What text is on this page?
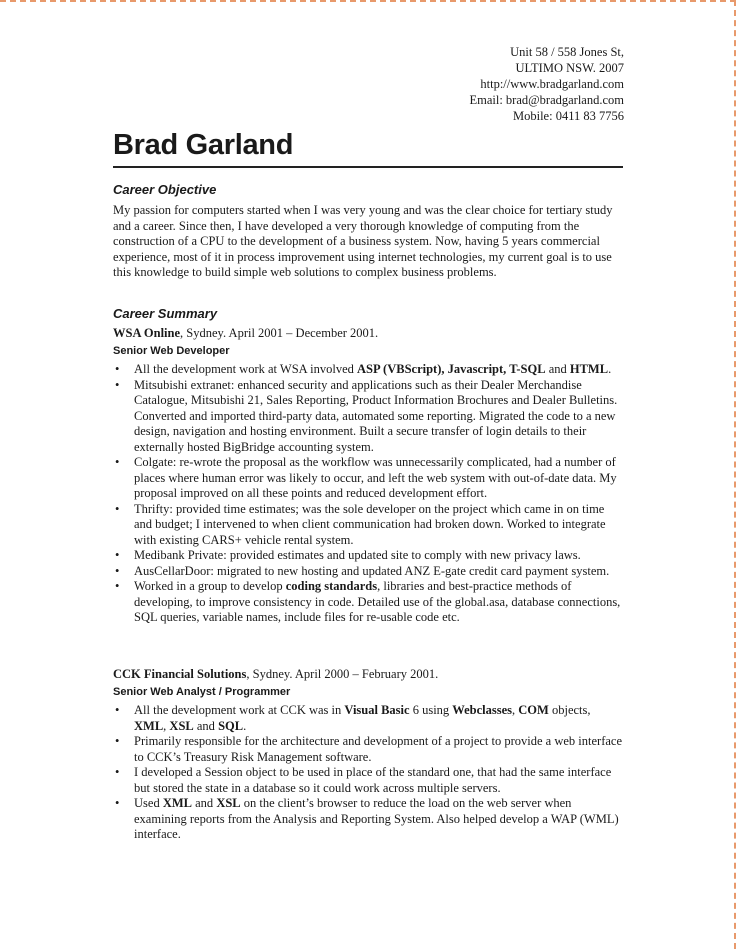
Unit 58 / 558 Jones St,
ULTIMO NSW. 2007
http://www.bradgarland.com
Email: brad@bradgarland.com
Mobile: 0411 83 7756
Brad Garland
Career Objective

My passion for computers started when I was very young and was the clear choice for tertiary study and a career. Since then, I have developed a very thorough knowledge of computing from the construction of a CPU to the development of a business system. Now, having 5 years commercial experience, most of it in process improvement using internet technologies, my current goal is to use this knowledge to build simple web solutions to complex business problems.

Career Summary

WSA Online, Sydney. April 2001 – December 2001.

Senior Web Developer

• All the development work at WSA involved ASP (VBScript), Javascript, T-SQL and HTML.
• Mitsubishi extranet: enhanced security and applications such as their Dealer Merchandise Catalogue, Mitsubishi 21, Sales Reporting, Product Information Brochures and Dealer Bulletins. Converted and imported third-party data, automated some reporting. Migrated the code to a new design, navigation and hosting environment. Built a secure transfer of login details to their externally hosted BigBridge accounting system.
• Colgate: re-wrote the proposal as the workflow was unnecessarily complicated, had a number of places where human error was likely to occur, and left the web system with out-of-date data. My proposal improved on all these points and reduced development effort.
• Thrifty: provided time estimates; was the sole developer on the project which came in on time and budget; I intervened to when client communication had broken down. Worked to integrate with existing CARS+ vehicle rental system.
• Medibank Private: provided estimates and updated site to comply with new privacy laws.
• AusCellarDoor: migrated to new hosting and updated ANZ E-gate credit card payment system.
• Worked in a group to develop coding standards, libraries and best-practice methods of developing, to improve consistency in code. Detailed use of the global.asa, database connections, SQL queries, variable names, include files for re-usable code etc.

CCK Financial Solutions, Sydney. April 2000 – February 2001.

Senior Web Analyst / Programmer

• All the development work at CCK was in Visual Basic 6 using Webclasses, COM objects, XML, XSL and SQL.
• Primarily responsible for the architecture and development of a project to provide a web interface to CCK’s Treasury Risk Management software.
• I developed a Session object to be used in place of the standard one, that had the same interface but stored the state in a database so it could work across multiple servers.
• Used XML and XSL on the client’s browser to reduce the load on the web server when examining reports from the Analysis and Reporting System. Also helped develop a WAP (WML) interface.
